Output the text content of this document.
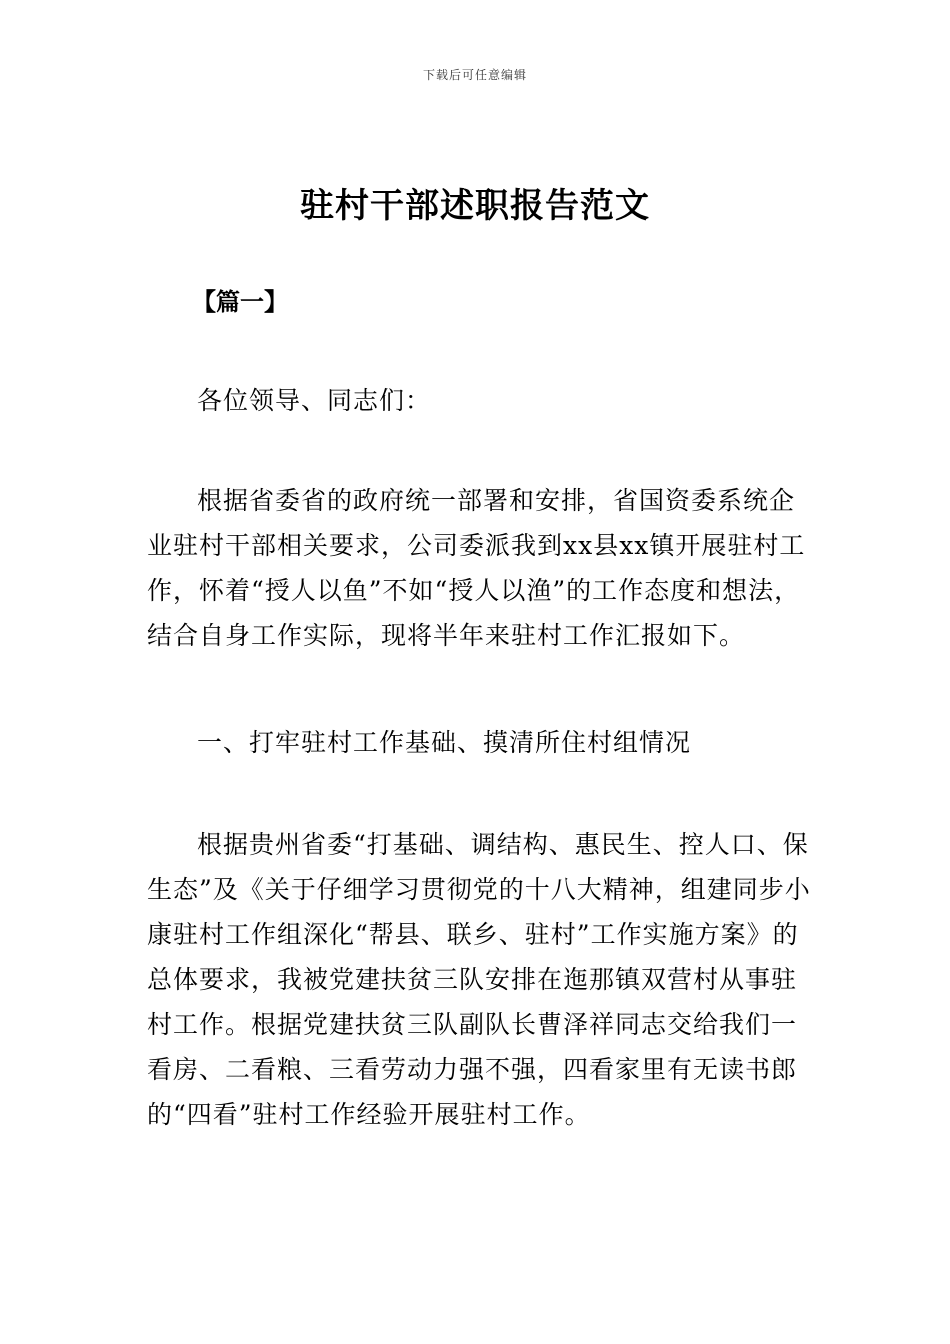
下载后可任意编辑
驻村干部述职报告范文
【篇一】

各位领导、同志们：

根据省委省的政府统一部署和安排，省国资委系统企业驻村干部相关要求，公司委派我到xx县xx镇开展驻村工作，怀着“授人以鱼”不如“授人以渔”的工作态度和想法，结合自身工作实际，现将半年来驻村工作汇报如下。

一、打牢驻村工作基础、摸清所住村组情况

根据贵州省委“打基础、调结构、惠民生、控人口、保生态”及《关于仔细学习贯彻党的十八大精神，组建同步小康驻村工作组深化“帮县、联乡、驻村”工作实施方案》的总体要求，我被党建扶贫三队安排在迤那镇双营村从事驻村工作。根据党建扶贫三队副队长曹泽祥同志交给我们一看房、二看粮、三看劳动力强不强，四看家里有无读书郎的“四看”驻村工作经验开展驻村工作。
